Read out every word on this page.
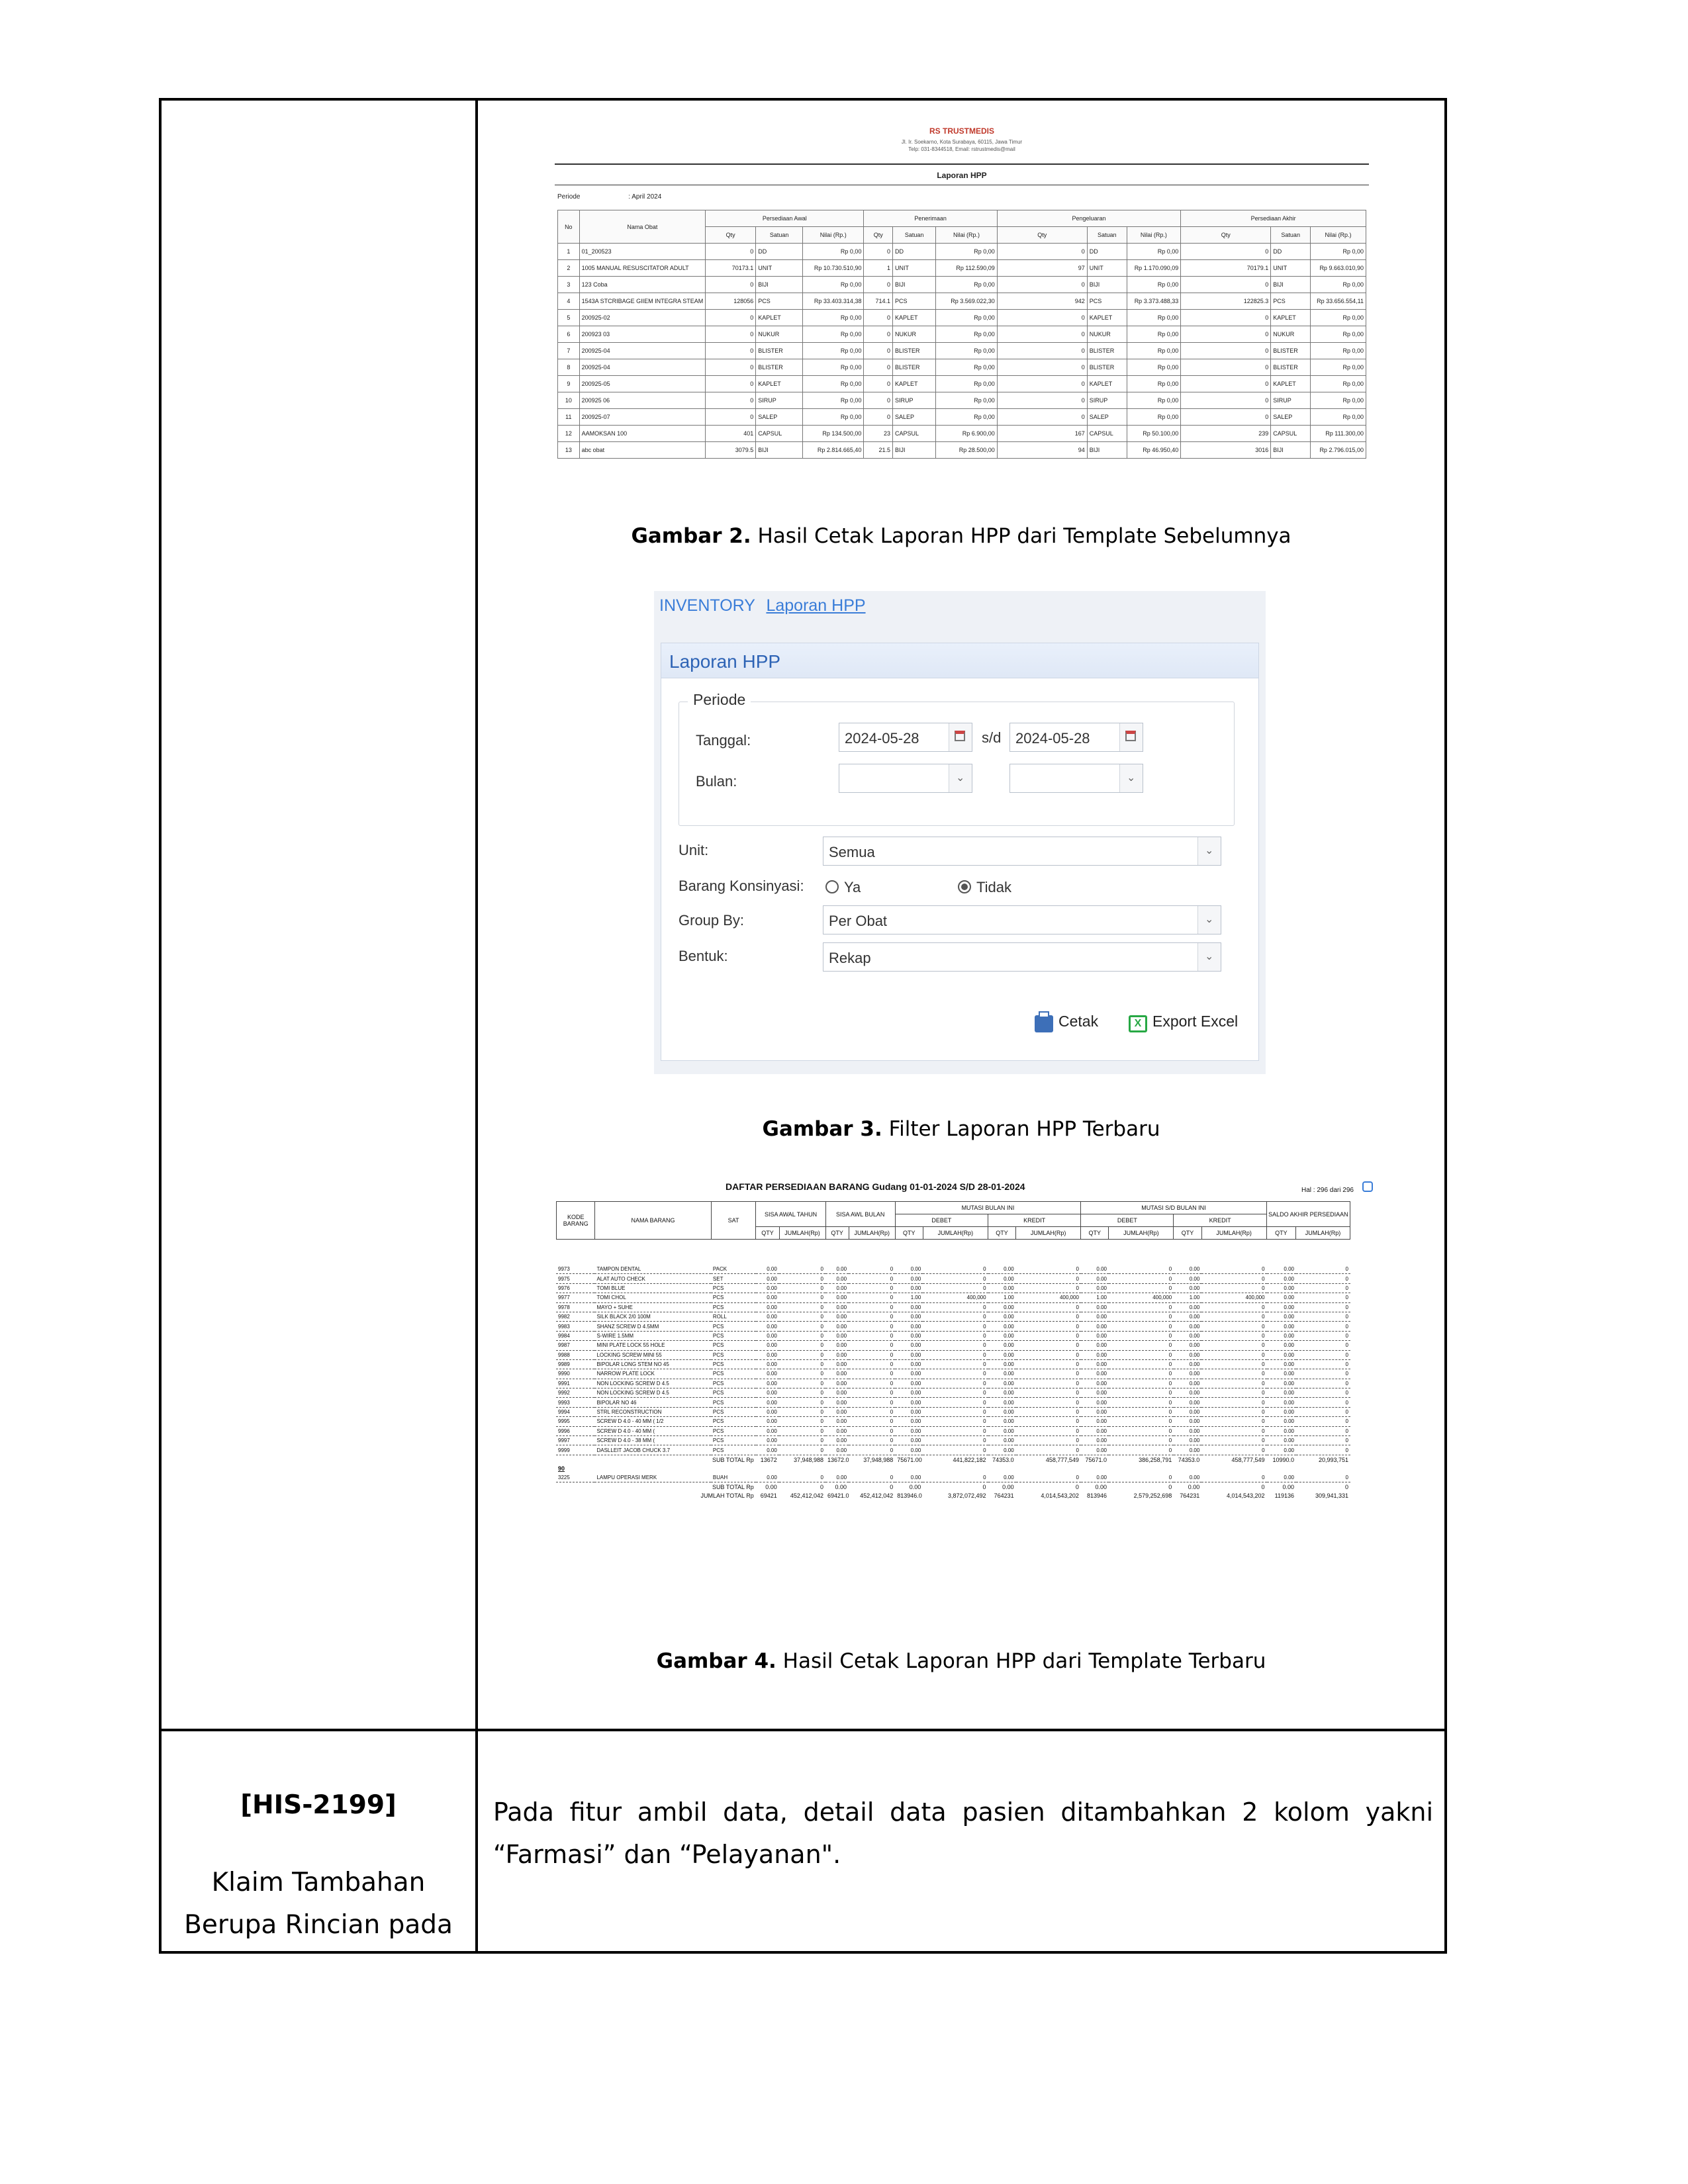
RS TRUSTMEDIS
Jl. Ir. Soekarno, Kota Surabaya, 60115, Jawa Timur
Telp: 031-8344518, Email: rstrustmedis@mail
Laporan HPP
Periode	: April 2024
No	Nama Obat	Persediaan Awal			Penerimaan			Pengeluaran			Persediaan Akhir		
		Qty	Satuan	Nilai (Rp.)	Qty	Satuan	Nilai (Rp.)	Qty	Satuan	Nilai (Rp.)	Qty	Satuan	Nilai (Rp.)
1	01_200523	0	DD	Rp 0,00	0	DD	Rp 0,00	0	DD	Rp 0,00	0	DD	Rp 0,00
2	1005 MANUAL RESUSCITATOR ADULT	70173.1	UNIT	Rp 10.730.510,90	1	UNIT	Rp 112.590,09	97	UNIT	Rp 1.170.090,09	70179.1	UNIT	Rp 9.663.010,90
3	123 Coba	0	BIJI	Rp 0,00	0	BIJI	Rp 0,00	0	BIJI	Rp 0,00	0	BIJI	Rp 0,00
4	1543A STCRIBAGE GIIEM INTEGRA STEAM	128056	PCS	Rp 33.403.314,38	714.1	PCS	Rp 3.569.022,30	942	PCS	Rp 3.373.488,33	122825.3	PCS	Rp 33.656.554,11
5	200925-02	0	KAPLET	Rp 0,00	0	KAPLET	Rp 0,00	0	KAPLET	Rp 0,00	0	KAPLET	Rp 0,00
6	200923 03	0	NUKUR	Rp 0,00	0	NUKUR	Rp 0,00	0	NUKUR	Rp 0,00	0	NUKUR	Rp 0,00
7	200925-04	0	BLISTER	Rp 0,00	0	BLISTER	Rp 0,00	0	BLISTER	Rp 0,00	0	BLISTER	Rp 0,00
8	200925-04	0	BLISTER	Rp 0,00	0	BLISTER	Rp 0,00	0	BLISTER	Rp 0,00	0	BLISTER	Rp 0,00
9	200925-05	0	KAPLET	Rp 0,00	0	KAPLET	Rp 0,00	0	KAPLET	Rp 0,00	0	KAPLET	Rp 0,00
10	200925 06	0	SIRUP	Rp 0,00	0	SIRUP	Rp 0,00	0	SIRUP	Rp 0,00	0	SIRUP	Rp 0,00
11	200925-07	0	SALEP	Rp 0,00	0	SALEP	Rp 0,00	0	SALEP	Rp 0,00	0	SALEP	Rp 0,00
12	AAMOKSAN 100	401	CAPSUL	Rp 134.500,00	23	CAPSUL	Rp 6.900,00	167	CAPSUL	Rp 50.100,00	239	CAPSUL	Rp 111.300,00
13	abc obat	3079.5	BIJI	Rp 2.814.665,40	21.5	BIJI	Rp 28.500,00	94	BIJI	Rp 46.950,40	3016	BIJI	Rp 2.796.015,00
Gambar 2. Hasil Cetak Laporan HPP dari Template Sebelumnya
INVENTORY Laporan HPP
Laporan HPP
Periode
Tanggal:	2024-05-28	s/d 2024-05-28
Bulan:	⌄	⌄
Unit:	Semua	⌄
Barang Konsinyasi:	Ya	Tidak
Group By:	Per Obat	⌄
Bentuk:	Rekap	⌄
Cetak	X Export Excel
Gambar 3. Filter Laporan HPP Terbaru
DAFTAR PERSEDIAAN BARANG Gudang 01-01-2024 S/D 28-01-2024	Hal : 296 dari 296
KODE BARANG	NAMA BARANG	SAT	SISA AWAL TAHUN		SISA AWL BULAN		MUTASI BULAN INI				MUTASI S/D BULAN INI				SALDO AKHIR PERSEDIAAN	
							DEBET		KREDIT		DEBET		KREDIT			
			QTY	JUMLAH(Rp)	QTY	JUMLAH(Rp)	QTY	JUMLAH(Rp)	QTY	JUMLAH(Rp)	QTY	JUMLAH(Rp)	QTY	JUMLAH(Rp)	QTY	JUMLAH(Rp)
9973	TAMPON DENTAL	PACK	0.00	0	0.00	0	0.00	0	0.00	0	0.00	0	0.00	0	0.00	0
9975	ALAT AUTO CHECK	SET	0.00	0	0.00	0	0.00	0	0.00	0	0.00	0	0.00	0	0.00	0
9976	TOMI BLUE	PCS	0.00	0	0.00	0	0.00	0	0.00	0	0.00	0	0.00	0	0.00	0
9977	TOMI CHOL	PCS	0.00	0	0.00	0	1.00	400,000	1.00	400,000	1.00	400,000	1.00	400,000	0.00	0
9978	MAYO + SUHE	PCS	0.00	0	0.00	0	0.00	0	0.00	0	0.00	0	0.00	0	0.00	0
9982	SILK BLACK 2/0 100M	ROLL	0.00	0	0.00	0	0.00	0	0.00	0	0.00	0	0.00	0	0.00	0
9983	SHANZ SCREW D 4.5MM	PCS	0.00	0	0.00	0	0.00	0	0.00	0	0.00	0	0.00	0	0.00	0
9984	S-WIRE 1.5MM	PCS	0.00	0	0.00	0	0.00	0	0.00	0	0.00	0	0.00	0	0.00	0
9987	MINI PLATE LOCK 55 HOLE	PCS	0.00	0	0.00	0	0.00	0	0.00	0	0.00	0	0.00	0	0.00	0
9988	LOCKING SCREW MINI 55	PCS	0.00	0	0.00	0	0.00	0	0.00	0	0.00	0	0.00	0	0.00	0
9989	BIPOLAR LONG STEM NO 45	PCS	0.00	0	0.00	0	0.00	0	0.00	0	0.00	0	0.00	0	0.00	0
9990	NARROW PLATE LOCK	PCS	0.00	0	0.00	0	0.00	0	0.00	0	0.00	0	0.00	0	0.00	0
9991	NON LOCKING SCREW D 4.5	PCS	0.00	0	0.00	0	0.00	0	0.00	0	0.00	0	0.00	0	0.00	0
9992	NON LOCKING SCREW D 4.5	PCS	0.00	0	0.00	0	0.00	0	0.00	0	0.00	0	0.00	0	0.00	0
9993	BIPOLAR NO 46	PCS	0.00	0	0.00	0	0.00	0	0.00	0	0.00	0	0.00	0	0.00	0
9994	STRL RECONSTRUCTION	PCS	0.00	0	0.00	0	0.00	0	0.00	0	0.00	0	0.00	0	0.00	0
9995	SCREW D 4.0 - 40 MM ( 1/2	PCS	0.00	0	0.00	0	0.00	0	0.00	0	0.00	0	0.00	0	0.00	0
9996	SCREW D 4.0 - 40 MM (	PCS	0.00	0	0.00	0	0.00	0	0.00	0	0.00	0	0.00	0	0.00	0
9997	SCREW D 4.0 - 38 MM (	PCS	0.00	0	0.00	0	0.00	0	0.00	0	0.00	0	0.00	0	0.00	0
9999	DASLLEIT JACOB CHUCK 3.7	PCS	0.00	0	0.00	0	0.00	0	0.00	0	0.00	0	0.00	0	0.00	0
SUB TOTAL Rp			13672	37,948,988	13672.0	37,948,988	75671.00	441,822,182	74353.0	458,777,549	75671.0	386,258,791	74353.0	458,777,549	10990.0	20,993,751
90																
3225	LAMPU OPERASI MERK	BUAH	0.00	0	0.00	0	0.00	0	0.00	0	0.00	0	0.00	0	0.00	0
SUB TOTAL Rp			0.00	0	0.00	0	0.00	0	0.00	0	0.00	0	0.00	0	0.00	0
JUMLAH TOTAL Rp			69421	452,412,042	69421.0	452,412,042	813946.0	3,872,072,492	764231	4,014,543,202	813946	2,579,252,698	764231	4,014,543,202	119136	309,941,331
Gambar 4. Hasil Cetak Laporan HPP dari Template Terbaru
[HIS-2199]
Klaim Tambahan
Berupa Rincian pada
Pada fitur ambil data, detail data pasien ditambahkan 2 kolom yakni “Farmasi” dan “Pelayanan".
